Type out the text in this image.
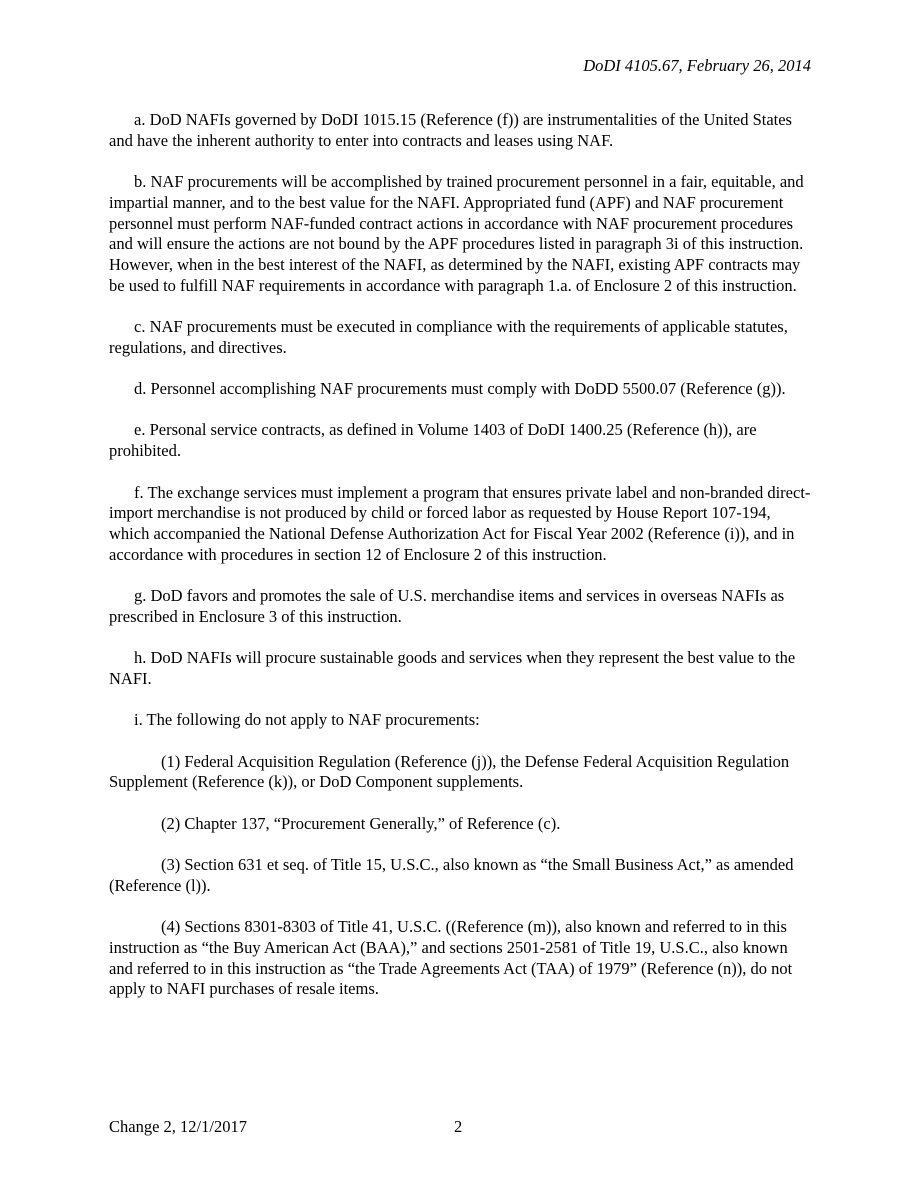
DoDI 4105.67, February 26, 2014

a. DoD NAFIs governed by DoDI 1015.15 (Reference (f)) are instrumentalities of the United States and have the inherent authority to enter into contracts and leases using NAF.

b. NAF procurements will be accomplished by trained procurement personnel in a fair, equitable, and impartial manner, and to the best value for the NAFI. Appropriated fund (APF) and NAF procurement personnel must perform NAF-funded contract actions in accordance with NAF procurement procedures and will ensure the actions are not bound by the APF procedures listed in paragraph 3i of this instruction. However, when in the best interest of the NAFI, as determined by the NAFI, existing APF contracts may be used to fulfill NAF requirements in accordance with paragraph 1.a. of Enclosure 2 of this instruction.

c. NAF procurements must be executed in compliance with the requirements of applicable statutes, regulations, and directives.

d. Personnel accomplishing NAF procurements must comply with DoDD 5500.07 (Reference (g)).

e. Personal service contracts, as defined in Volume 1403 of DoDI 1400.25 (Reference (h)), are prohibited.

f. The exchange services must implement a program that ensures private label and non-branded direct-import merchandise is not produced by child or forced labor as requested by House Report 107-194, which accompanied the National Defense Authorization Act for Fiscal Year 2002 (Reference (i)), and in accordance with procedures in section 12 of Enclosure 2 of this instruction.

g. DoD favors and promotes the sale of U.S. merchandise items and services in overseas NAFIs as prescribed in Enclosure 3 of this instruction.

h. DoD NAFIs will procure sustainable goods and services when they represent the best value to the NAFI.

i. The following do not apply to NAF procurements:

(1) Federal Acquisition Regulation (Reference (j)), the Defense Federal Acquisition Regulation Supplement (Reference (k)), or DoD Component supplements.

(2) Chapter 137, “Procurement Generally,” of Reference (c).

(3) Section 631 et seq. of Title 15, U.S.C., also known as “the Small Business Act,” as amended (Reference (l)).

(4) Sections 8301-8303 of Title 41, U.S.C. ((Reference (m)), also known and referred to in this instruction as “the Buy American Act (BAA),” and sections 2501-2581 of Title 19, U.S.C., also known and referred to in this instruction as “the Trade Agreements Act (TAA) of 1979” (Reference (n)), do not apply to NAFI purchases of resale items.

Change 2, 12/1/2017	2
